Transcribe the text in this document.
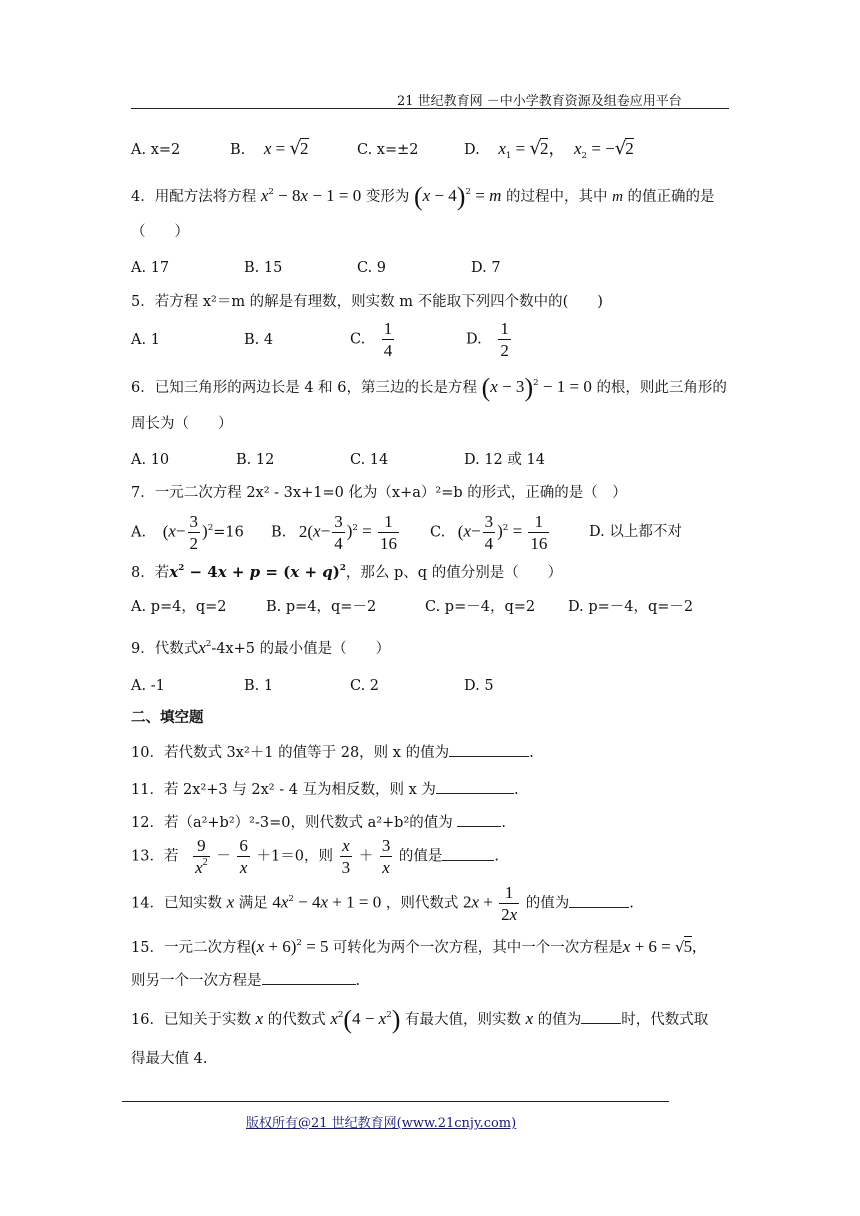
21 世纪教育网 －中小学教育资源及组卷应用平台
A. x=2	B. x = √2	C. x=±2	D. $x_1 = √2$，  $x_2 = -√2$
4．用配方法将方程 $x^2 - 8x - 1 = 0$ 变形为 $(x - 4)^2 = m$ 的过程中，其中 m 的值正确的是
（　　）
A. 17	B. 15	C. 9	D. 7
5．若方程 x²＝m 的解是有理数，则实数 m 不能取下列四个数中的(　　)
A. 1	B. 4	C. $\frac{1}{4}$	D. $\frac{1}{2}$
6．已知三角形的两边长是 4 和 6，第三边的长是方程 $(x - 3)^2 - 1 = 0$ 的根，则此三角形的
周长为（　　）
A. 10	B. 12	C. 14	D. 12 或 14
7．一元二次方程 2x² - 3x+1=0 化为（x+a）²=b 的形式，正确的是（　）
A. $(x- \frac{3}{2} )^2=16$ B. $2(x- \frac{3}{4} )^2 = \frac{1}{16} C$. $(x- \frac{3}{4} )^2 = \frac{1}{16}$	D. 以上都不对
8．若$x^2 - 4x + p = (x + q)^2$，那么 p、q 的值分别是（　　）
A. p=4，q=2	B. p=4，q=－2	C. p=－4，q=2 D. p=－4，q=－2
9．代数式$x^2-4x+5$ 的最小值是（　　）
A. -1	B. 1	C. 2	D. 5
二、填空题
10．若代数式 3x²＋1 的值等于 28，则 x 的值为	.
11．若 2x²+3 与 2x² - 4 互为相反数，则 x 为	.
12．若（a²+b²）²-3=0，则代数式 a²+b²的值为	.
13．若 $\frac{9}{x^2} - \frac{6}{x} +1=0$，则 $\frac{x}{3} + \frac{3}{x}$ 的值是	.
14．已知实数 x 满足 $4x^2 - 4x + 1 = 0$ ，则代数式 $2x + \frac{1}{2x}$ 的值为	.
15．一元二次方程$(x + 6)^2 = 5$ 可转化为两个一次方程，其中一个一次方程是x + 6 = √5,
则另一个一次方程是	.
16．已知关于实数 x 的代数式 $x^2(4 - x^2)$ 有最大值，则实数 x 的值为	时，代数式取
得最大值 4.
版权所有@21 世纪教育网(www.21cnjy.com)
